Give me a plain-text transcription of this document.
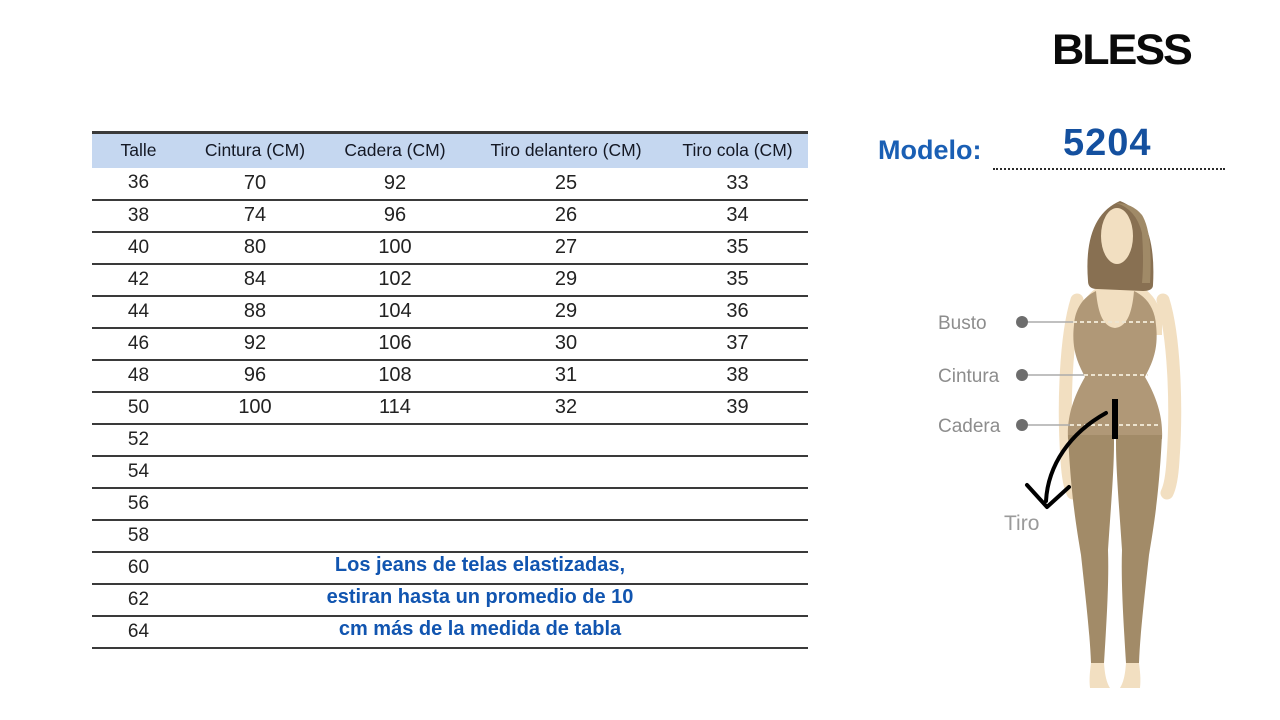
Talle	Cintura (CM)	Cadera (CM)	Tiro delantero (CM)	Tiro cola (CM)
36	70	92	25	33
38	74	96	26	34
40	80	100	27	35
42	84	102	29	35
44	88	104	29	36
46	92	106	30	37
48	96	108	31	38
50	100	114	32	39
52				
54				
56				
58				
60				
62				
64				
Los jeans de telas elastizadas,
estiran hasta un promedio de 10
cm más de la medida de tabla
BLESS
Modelo: 5204
Busto
Cintura
Cadera
Tiro
